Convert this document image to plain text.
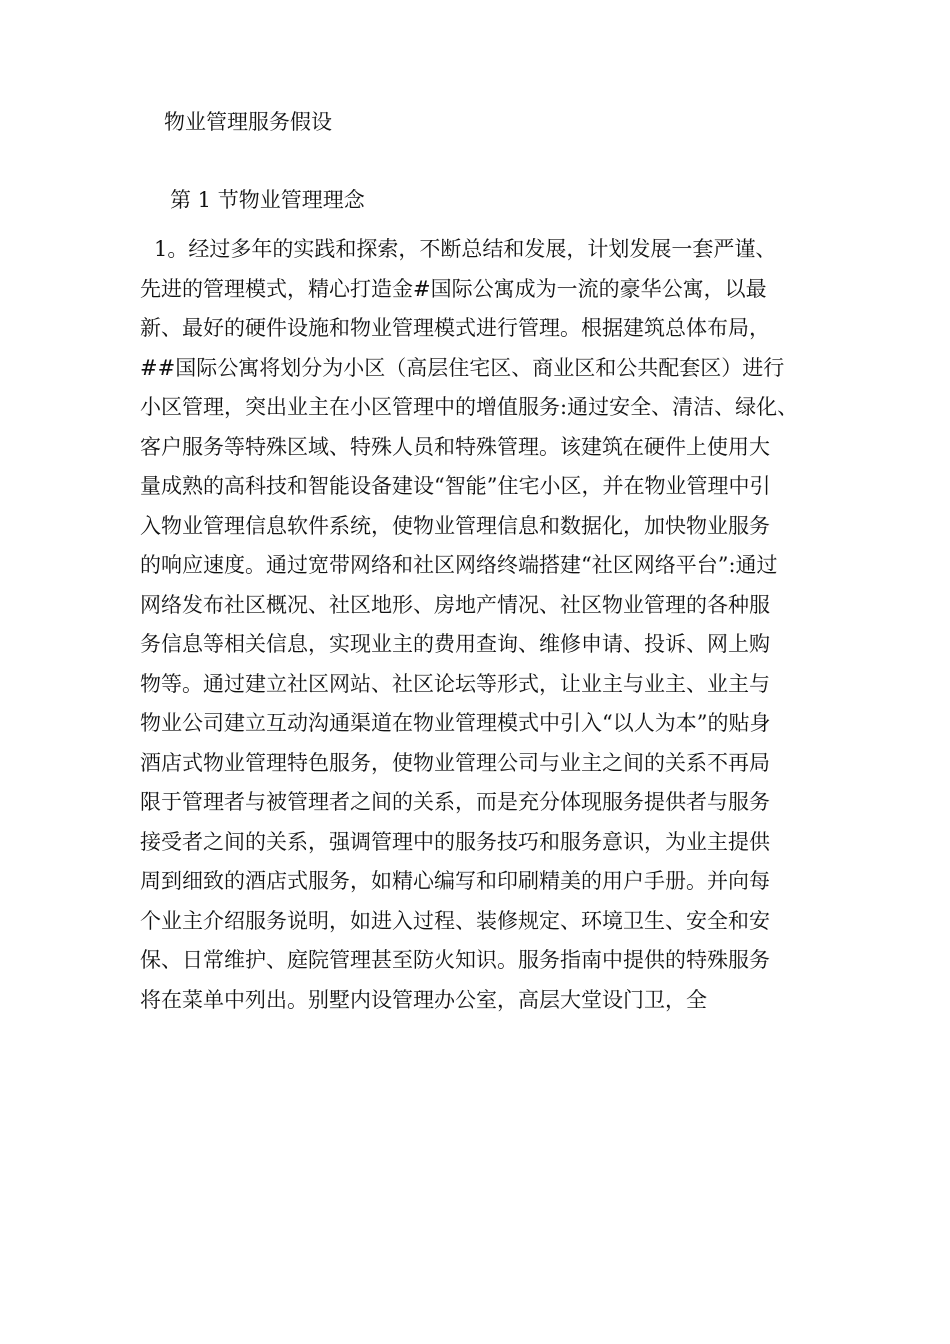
物业管理服务假设
第 1 节物业管理理念
1。经过多年的实践和探索，不断总结和发展，计划发展一套严谨、
先进的管理模式，精心打造金#国际公寓成为一流的豪华公寓，以最
新、最好的硬件设施和物业管理模式进行管理。根据建筑总体布局，
##国际公寓将划分为小区（高层住宅区、商业区和公共配套区）进行
小区管理，突出业主在小区管理中的增值服务:通过安全、清洁、绿化、
客户服务等特殊区域、特殊人员和特殊管理。该建筑在硬件上使用大
量成熟的高科技和智能设备建设“智能”住宅小区，并在物业管理中引
入物业管理信息软件系统，使物业管理信息和数据化，加快物业服务
的响应速度。通过宽带网络和社区网络终端搭建“社区网络平台”:通过
网络发布社区概况、社区地形、房地产情况、社区物业管理的各种服
务信息等相关信息，实现业主的费用查询、维修申请、投诉、网上购
物等。通过建立社区网站、社区论坛等形式，让业主与业主、业主与
物业公司建立互动沟通渠道在物业管理模式中引入“以人为本”的贴身
酒店式物业管理特色服务，使物业管理公司与业主之间的关系不再局
限于管理者与被管理者之间的关系，而是充分体现服务提供者与服务
接受者之间的关系，强调管理中的服务技巧和服务意识，为业主提供
周到细致的酒店式服务，如精心编写和印刷精美的用户手册。并向每
个业主介绍服务说明，如进入过程、装修规定、环境卫生、安全和安
保、日常维护、庭院管理甚至防火知识。服务指南中提供的特殊服务
将在菜单中列出。别墅内设管理办公室，高层大堂设门卫，全
